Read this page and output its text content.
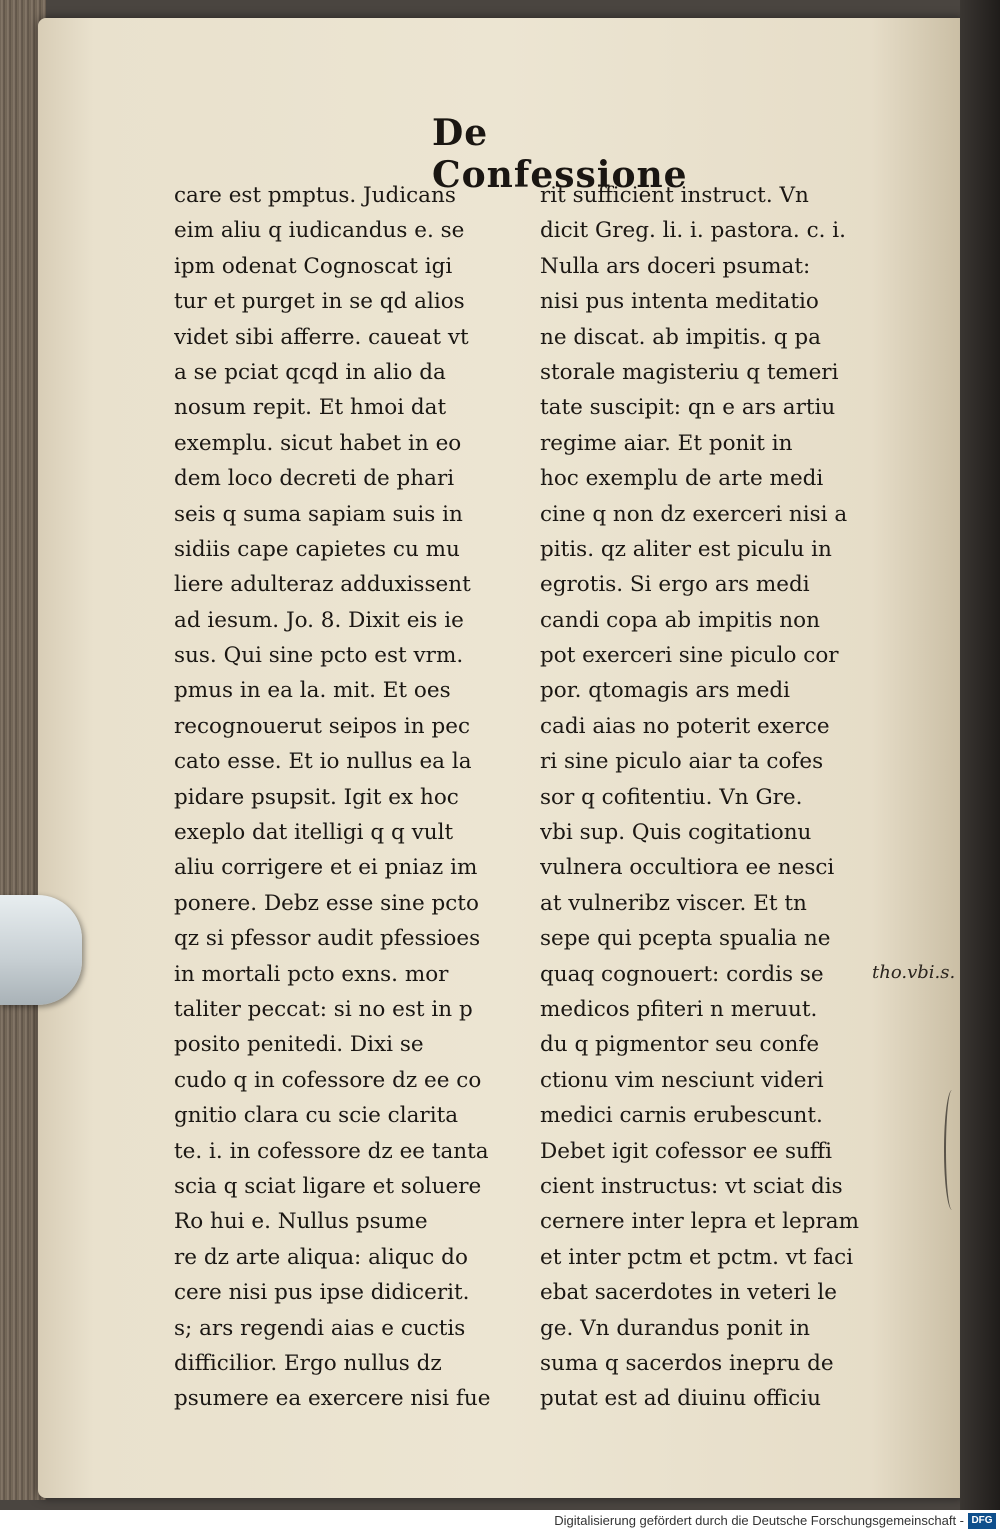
De Confessione
care est pmptus. Judicans
eim aliu q iudicandus e. se
ipm odenat Cognoscat igi
tur et purget in se qd alios
videt sibi afferre. caueat vt
a se pciat qcqd in alio da
nosum repit. Et hmoi dat
exemplu. sicut habet in eo
dem loco decreti de phari
seis q suma sapiam suis in
sidiis cape capietes cu mu
liere adulteraz adduxissent
ad iesum. Jo. 8. Dixit eis ie
sus. Qui sine pcto est vrm.
pmus in ea la. mit. Et oes
recognouerut seipos in pec
cato esse. Et io nullus ea la
pidare psupsit. Igit ex hoc
exeplo dat itelligi q q vult
aliu corrigere et ei pniaz im
ponere. Debz esse sine pcto
qz si pfessor audit pfessioes
in mortali pcto exns. mor
taliter peccat: si no est in p
posito penitedi. Dixi se
cudo q in cofessore dz ee co
gnitio clara cu scie clarita
te. i. in cofessore dz ee tanta
scia q sciat ligare et soluere
Ro hui e. Nullus psume
re dz arte aliqua: aliquc do
cere nisi pus ipse didicerit.
s; ars regendi aias e cuctis
difficilior. Ergo nullus dz
psumere ea exercere nisi fue
rit sufficient instruct. Vn
dicit Greg. li. i. pastora. c. i.
Nulla ars doceri psumat:
nisi pus intenta meditatio
ne discat. ab impitis. q pa
storale magisteriu q temeri
tate suscipit: qn e ars artiu
regime aiar. Et ponit in
hoc exemplu de arte medi
cine q non dz exerceri nisi a
pitis. qz aliter est piculu in
egrotis. Si ergo ars medi
candi copa ab impitis non
pot exerceri sine piculo cor
por. qtomagis ars medi
cadi aias no poterit exerce
ri sine piculo aiar ta cofes
sor q cofitentiu. Vn Gre.
vbi sup. Quis cogitationu
vulnera occultiora ee nesci
at vulneribz viscer. Et tn
sepe qui pcepta spualia ne
quaq cognouert: cordis se
medicos pfiteri n meruut.
du q pigmentor seu confe
ctionu vim nesciunt videri
medici carnis erubescunt.
Debet igit cofessor ee suffi
cient instructus: vt sciat dis
cernere inter lepra et lepram
et inter pctm et pctm. vt faci
ebat sacerdotes in veteri le
ge. Vn durandus ponit in
suma q sacerdos inepru de
putat est ad diuinu officiu
tho.vbi.s.
Digitalisierung gefördert durch die Deutsche Forschungsgemeinschaft - DFG
